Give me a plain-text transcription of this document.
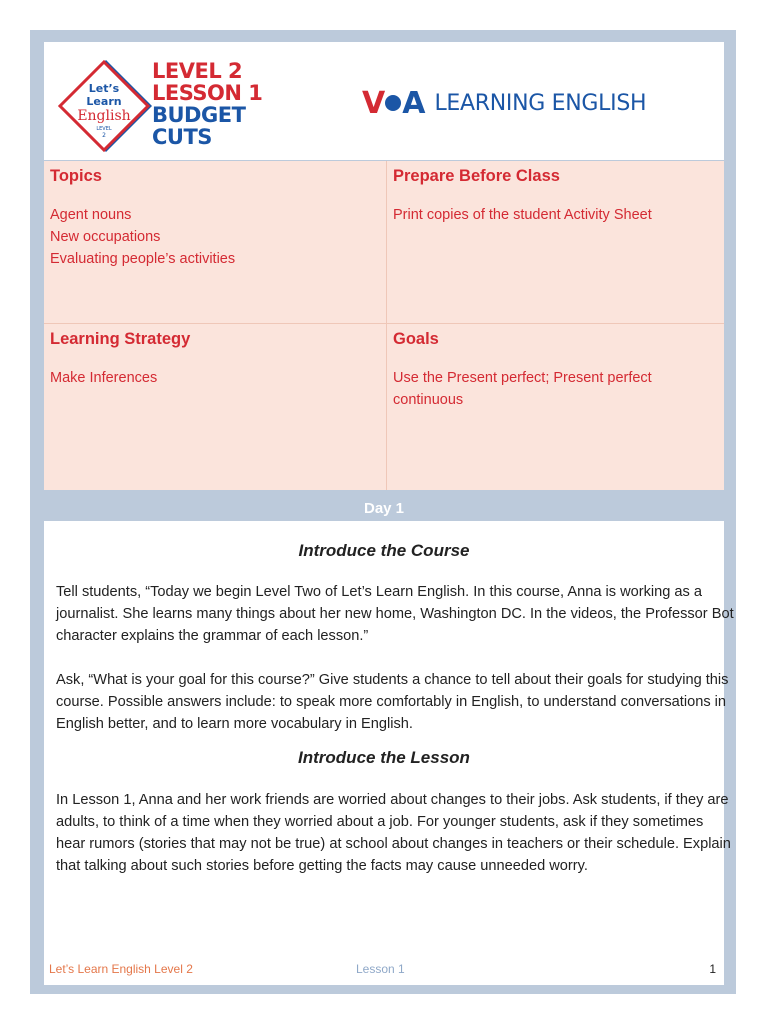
Let’s
Learn
English
LEVEL
2
LEVEL 2
LESSON 1
BUDGET
CUTS
V A LEARNING ENGLISH
Topics
Agent nouns
New occupations
Evaluating people’s activities
Prepare Before Class
Print copies of the student Activity Sheet
Learning Strategy
Make Inferences
Goals
Use the Present perfect; Present perfect continuous
Day 1
Introduce the Course

Tell students, “Today we begin Level Two of Let’s Learn English. In this course, Anna is working as a journalist. She learns many things about her new home, Washington DC. In the videos, the Professor Bot character explains the grammar of each lesson.”

Ask, “What is your goal for this course?” Give students a chance to tell about their goals for studying this course. Possible answers include: to speak more comfortably in English, to understand conversations in English better, and to learn more vocabulary in English.

Introduce the Lesson

In Lesson 1, Anna and her work friends are worried about changes to their jobs. Ask students, if they are adults, to think of a time when they worried about a job. For younger students, ask if they sometimes hear rumors (stories that may not be true) at school about changes in teachers or their schedule. Explain that talking about such stories before getting the facts may cause unneeded worry.

Let’s Learn English Level 2	Lesson 1	1
